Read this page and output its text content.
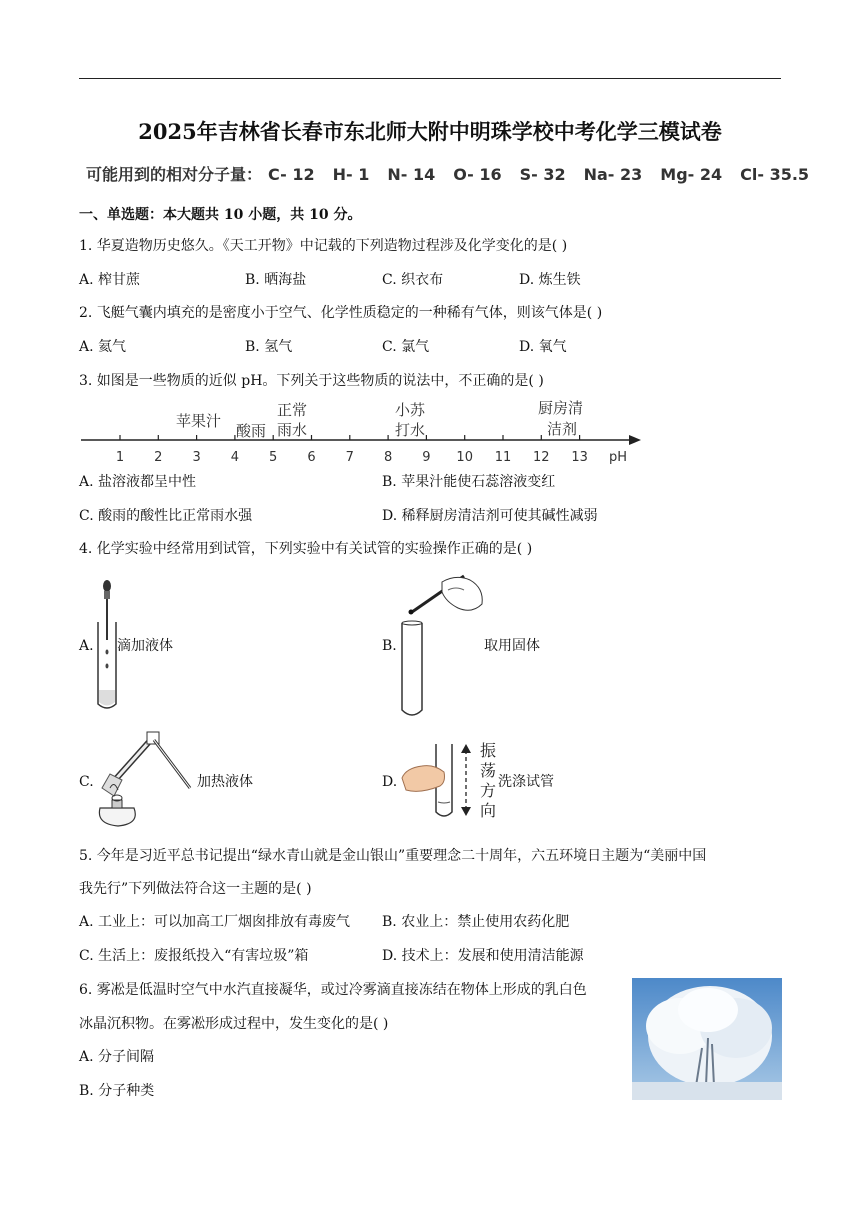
2025年吉林省长春市东北师大附中明珠学校中考化学三模试卷
可能用到的相对分子量： C- 12 H- 1 N- 14 O- 16 S- 32 Na- 23 Mg- 24 Cl- 35.5
一、单选题：本大题共 10 小题，共 10 分。
1. 华夏造物历史悠久。《天工开物》中记载的下列造物过程涉及化学变化的是( )
A. 榨甘蔗	B. 晒海盐	C. 织衣布	D. 炼生铁
2. 飞艇气囊内填充的是密度小于空气、化学性质稳定的一种稀有气体，则该气体是( )
A. 氦气	B. 氢气	C. 氯气	D. 氧气
3. 如图是一些物质的近似 pH。下列关于这些物质的说法中，不正确的是( )
1 2 3 4 5 6 7 8 9 10 11 12 13 pH
苹果汁
酸雨
正常
雨水
小苏
打水
厨房清
洁剂
A. 盐溶液都呈中性	B. 苹果汁能使石蕊溶液变红
C. 酸雨的酸性比正常雨水强	D. 稀释厨房清洁剂可使其碱性减弱
4. 化学实验中经常用到试管，下列实验中有关试管的实验操作正确的是( )
A. 滴加液体	B.	取用固体
C.	加热液体	D.
振
荡
方
向
洗涤试管
5. 今年是习近平总书记提出“绿水青山就是金山银山”重要理念二十周年，六五环境日主题为“美丽中国
我先行”下列做法符合这一主题的是( )
A. 工业上：可以加高工厂烟囱排放有毒废气 B. 农业上：禁止使用农药化肥
C. 生活上：废报纸投入“有害垃圾”箱	D. 技术上：发展和使用清洁能源
6. 雾凇是低温时空气中水汽直接凝华，或过冷雾滴直接冻结在物体上形成的乳白色
冰晶沉积物。在雾凇形成过程中，发生变化的是( )
A. 分子间隔
B. 分子种类
